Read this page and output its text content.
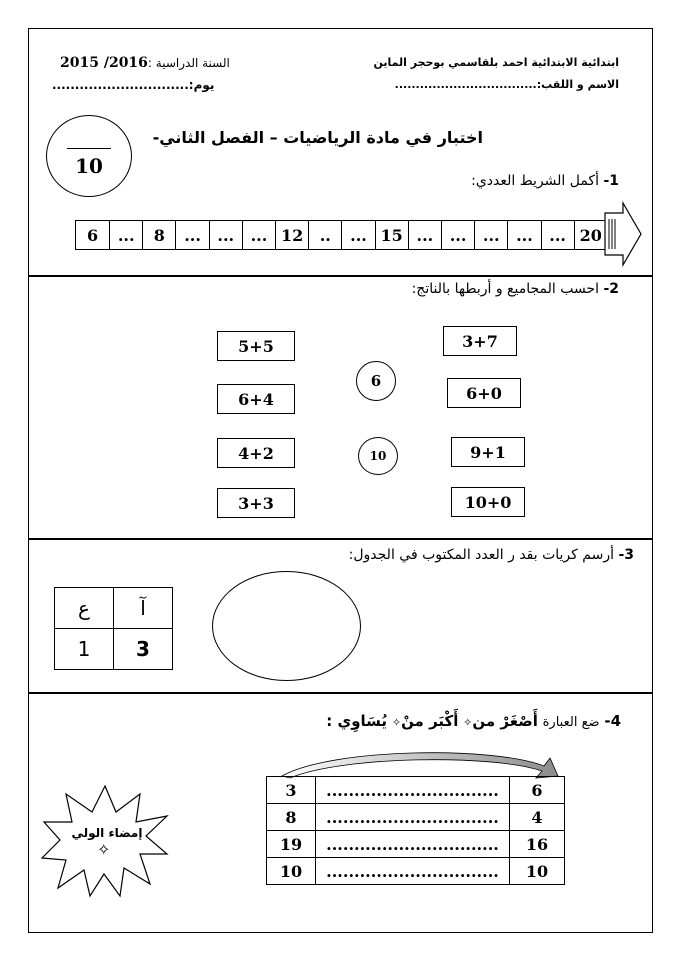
ابتدائية الابتدائية احمد بلقاسمي بوحجر الماين
الاسم و اللقب:..................................
السنة الدراسية :2015 /2016
يوم:..............................
10
اختبار في مادة الرياضيات – الفصل الثاني-
1- أكمل الشريط العددي:
6	...	8	...	...	... 12	..	... 15 ...	...	...	...	... 20
2- احسب المجاميع و أربطها بالناتج:
5+5
6+4
4+2
3+3
3+7
6+0
9+1
10+0
6
10
3- أرسم كريات بقد ر العدد المكتوب في الجدول:
ع	آ
1	3
4- ضع العبارة أَصْغَرْ من✧ أَكْبَر منْ✧ يُسَاوِي :
3	...............................	6
8	...............................	4
19	...............................	16
10	...............................	10
إمضاء الولي
✧
